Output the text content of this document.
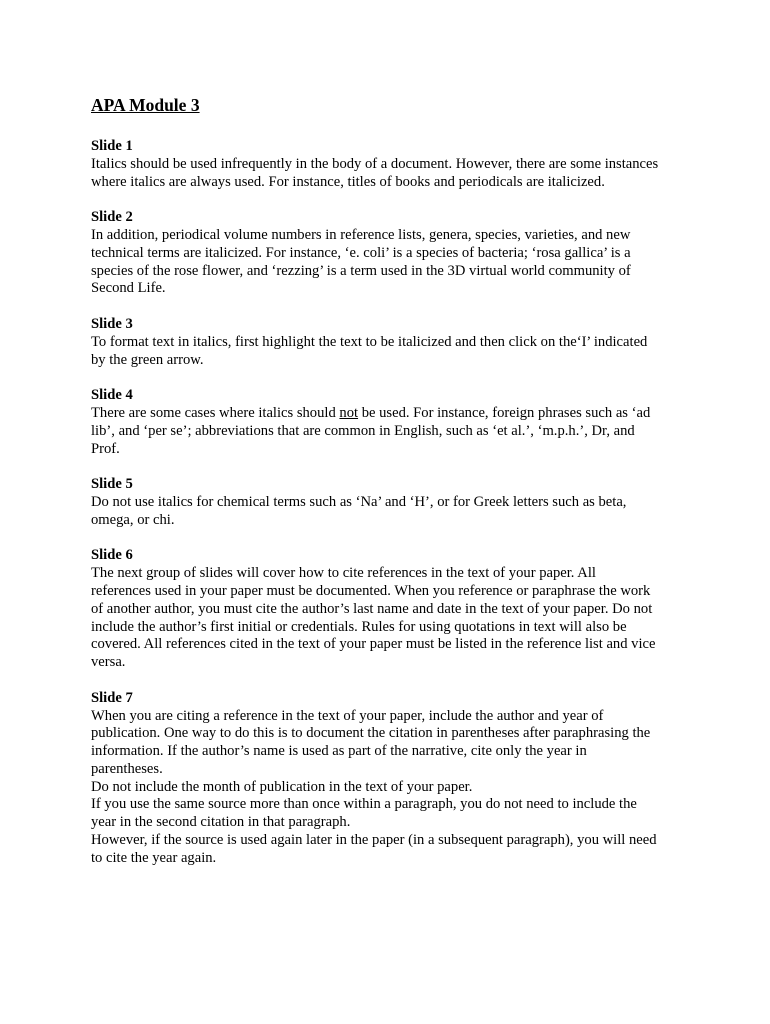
APA Module 3
Slide 1
Italics should be used infrequently in the body of a document. However, there are some instances
where italics are always used. For instance, titles of books and periodicals are italicized.
Slide 2
In addition, periodical volume numbers in reference lists, genera, species, varieties, and new
technical terms are italicized. For instance, ‘e. coli’ is a species of bacteria; ‘rosa gallica’ is a
species of the rose flower, and ‘rezzing’ is a term used in the 3D virtual world community of
Second Life.
Slide 3
To format text in italics, first highlight the text to be italicized and then click on the‘I’ indicated
by the green arrow.
Slide 4
There are some cases where italics should not be used. For instance, foreign phrases such as ‘ad
lib’, and ‘per se’; abbreviations that are common in English, such as ‘et al.’, ‘m.p.h.’, Dr, and
Prof.
Slide 5
Do not use italics for chemical terms such as ‘Na’ and ‘H’, or for Greek letters such as beta,
omega, or chi.
Slide 6
The next group of slides will cover how to cite references in the text of your paper. All
references used in your paper must be documented. When you reference or paraphrase the work
of another author, you must cite the author’s last name and date in the text of your paper. Do not
include the author’s first initial or credentials. Rules for using quotations in text will also be
covered. All references cited in the text of your paper must be listed in the reference list and vice
versa.
Slide 7
When you are citing a reference in the text of your paper, include the author and year of
publication. One way to do this is to document the citation in parentheses after paraphrasing the
information. If the author’s name is used as part of the narrative, cite only the year in
parentheses.
Do not include the month of publication in the text of your paper.
If you use the same source more than once within a paragraph, you do not need to include the
year in the second citation in that paragraph.
However, if the source is used again later in the paper (in a subsequent paragraph), you will need
to cite the year again.
